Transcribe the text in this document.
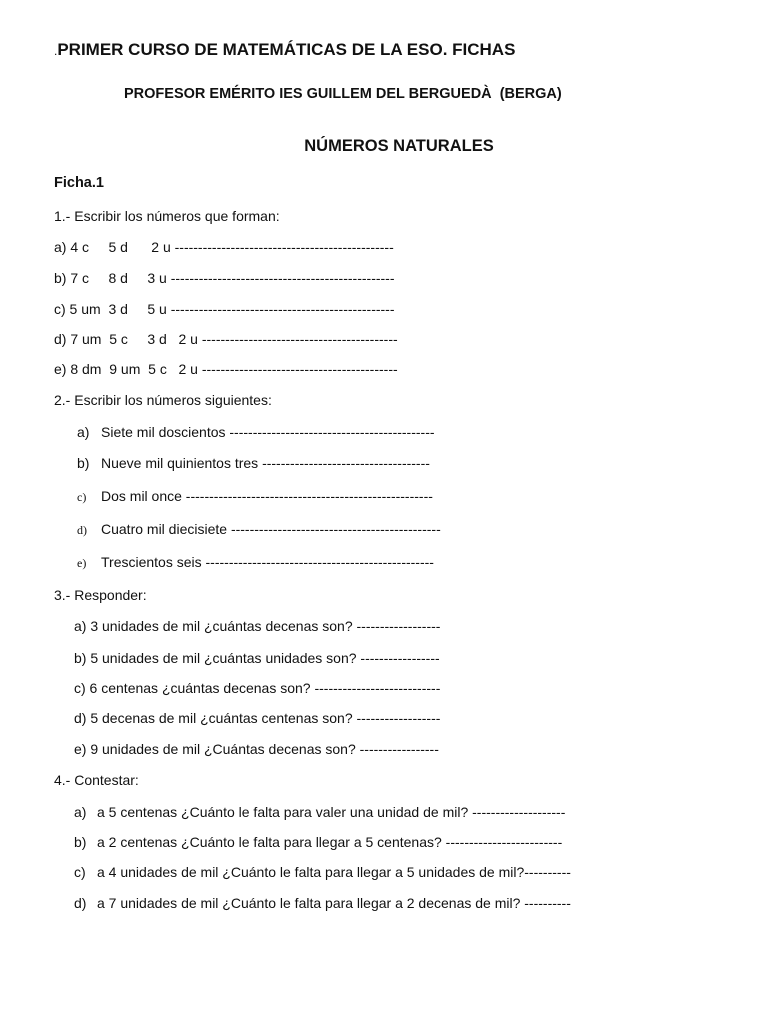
.PRIMER CURSO DE MATEMÁTICAS DE LA ESO. FICHAS
PROFESOR EMÉRITO IES GUILLEM DEL BERGUEDÀ  (BERGA)
NÚMEROS NATURALES
Ficha.1
1.- Escribir los números que forman:
a) 4 c     5 d      2 u -----------------------------------------------
b) 7 c     8 d     3 u ------------------------------------------------
c) 5 um  3 d     5 u ------------------------------------------------
d) 7 um  5 c     3 d   2 u ------------------------------------------
e) 8 dm  9 um  5 c   2 u ------------------------------------------
2.- Escribir los números siguientes:
a) Siete mil doscientos --------------------------------------------
b) Nueve mil quinientos tres ------------------------------------
c) Dos mil once -----------------------------------------------------
d) Cuatro mil diecisiete ---------------------------------------------
e) Trescientos seis -------------------------------------------------
3.- Responder:
a) 3 unidades de mil ¿cuántas decenas son? ------------------
b) 5 unidades de mil ¿cuántas unidades son? -----------------
c) 6 centenas ¿cuántas decenas son? ---------------------------
d) 5 decenas de mil ¿cuántas centenas son? ------------------
e) 9 unidades de mil ¿Cuántas decenas son? -----------------
4.- Contestar:
a) a 5 centenas ¿Cuánto le falta para valer una unidad de mil? --------------------
b) a 2 centenas ¿Cuánto le falta para llegar a 5 centenas? -------------------------
c) a 4 unidades de mil ¿Cuánto le falta para llegar a 5 unidades de mil?----------
d) a 7 unidades de mil ¿Cuánto le falta para llegar a 2 decenas de mil? ----------
